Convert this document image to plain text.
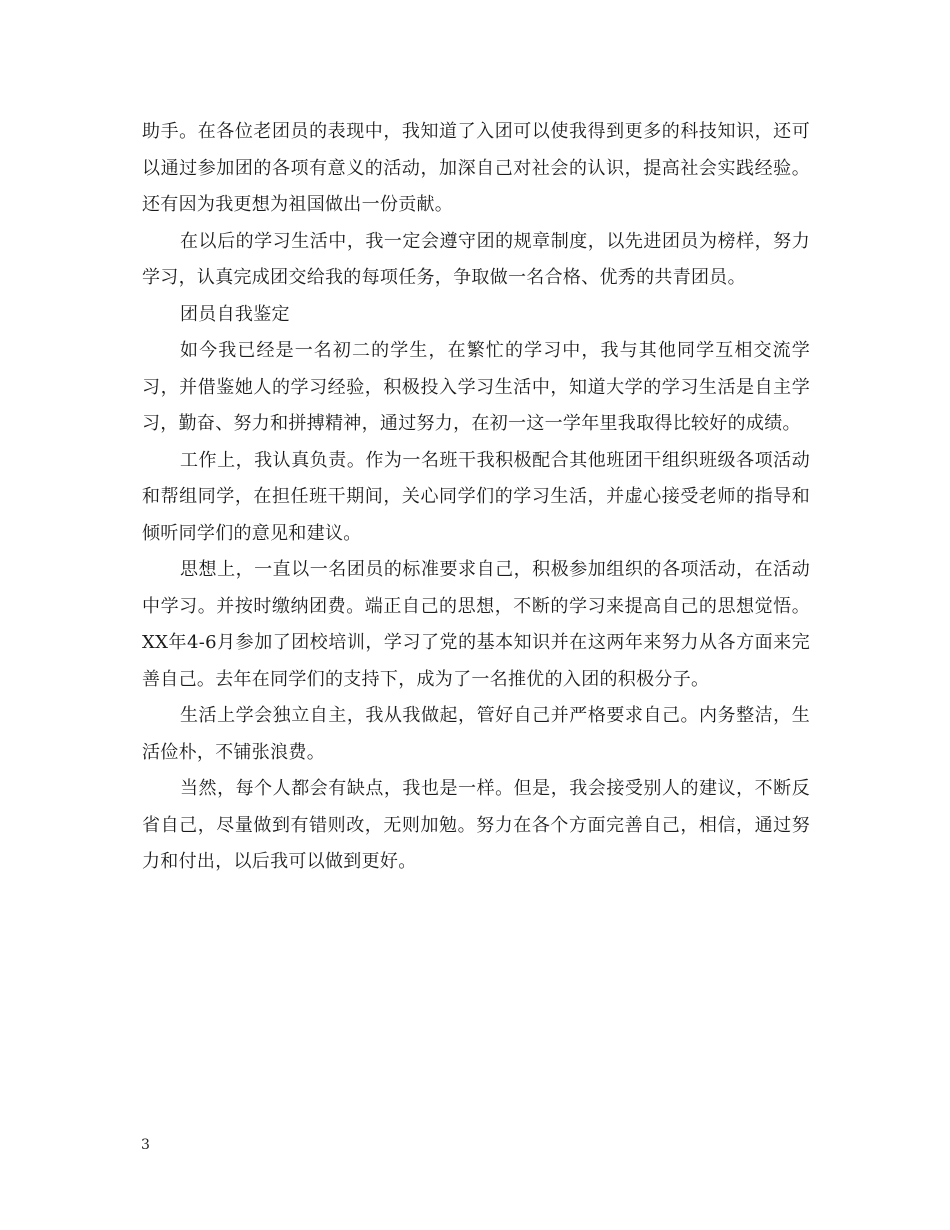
助手。在各位老团员的表现中，我知道了入团可以使我得到更多的科技知识，还可以通过参加团的各项有意义的活动，加深自己对社会的认识，提高社会实践经验。还有因为我更想为祖国做出一份贡献。

在以后的学习生活中，我一定会遵守团的规章制度，以先进团员为榜样，努力学习，认真完成团交给我的每项任务，争取做一名合格、优秀的共青团员。

团员自我鉴定

如今我已经是一名初二的学生，在繁忙的学习中，我与其他同学互相交流学习，并借鉴她人的学习经验，积极投入学习生活中，知道大学的学习生活是自主学习，勤奋、努力和拼搏精神，通过努力，在初一这一学年里我取得比较好的成绩。

工作上，我认真负责。作为一名班干我积极配合其他班团干组织班级各项活动和帮组同学，在担任班干期间，关心同学们的学习生活，并虚心接受老师的指导和倾听同学们的意见和建议。

思想上，一直以一名团员的标准要求自己，积极参加组织的各项活动，在活动中学习。并按时缴纳团费。端正自己的思想，不断的学习来提高自己的思想觉悟。XX年4-6月参加了团校培训，学习了党的基本知识并在这两年来努力从各方面来完善自己。去年在同学们的支持下，成为了一名推优的入团的积极分子。

生活上学会独立自主，我从我做起，管好自己并严格要求自己。内务整洁，生活俭朴，不铺张浪费。

当然，每个人都会有缺点，我也是一样。但是，我会接受别人的建议，不断反省自己，尽量做到有错则改，无则加勉。努力在各个方面完善自己，相信，通过努力和付出，以后我可以做到更好。

3
